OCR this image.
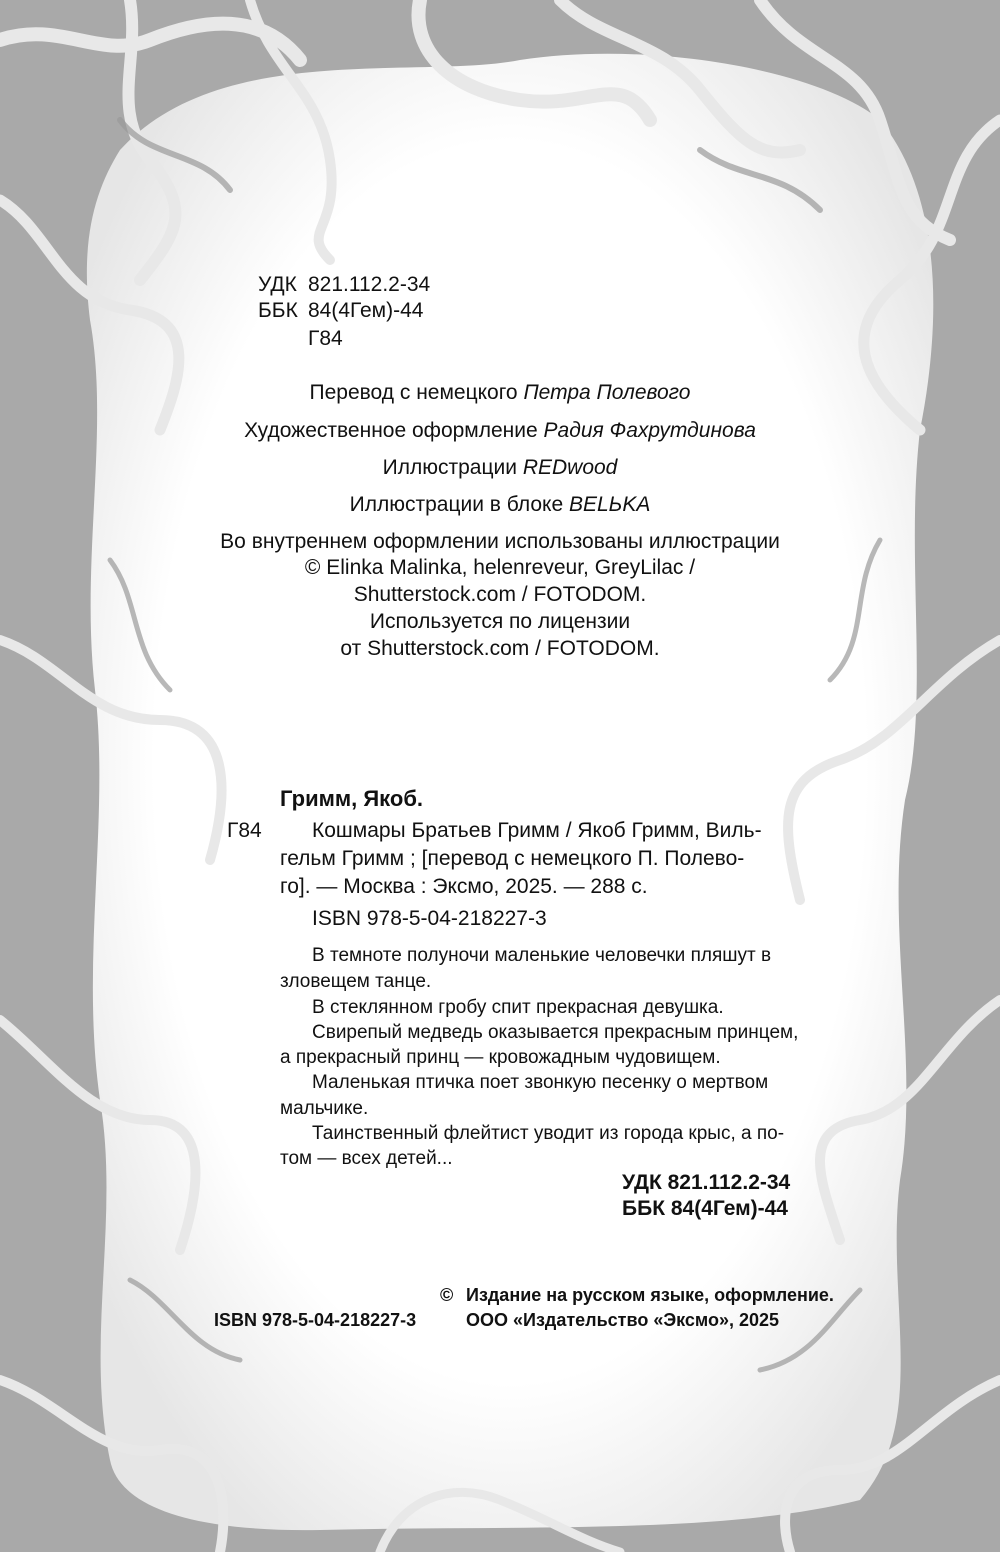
УДК 821.112.2-34
ББК 84(4Гем)-44
Г84
Перевод с немецкого Петра Полевого
Художественное оформление Радия Фахрутдинова
Иллюстрации REDwood
Иллюстрации в блоке BELЬKA
Во внутреннем оформлении использованы иллюстрации
© Elinka Malinka, helenreveur, GreyLilac /
Shutterstock.com / FOTODOM.
Используется по лицензии
от Shutterstock.com / FOTODOM.
Гримм, Якоб.
Г84 Кошмары Братьев Гримм / Якоб Гримм, Виль-
гельм Гримм ; [перевод с немецкого П. Полево-
го]. — Москва : Эксмо, 2025. — 288 с.
ISBN 978-5-04-218227-3
В темноте полуночи маленькие человечки пляшут в
зловещем танце.
В стеклянном гробу спит прекрасная девушка.
Свирепый медведь оказывается прекрасным принцем,
а прекрасный принц — кровожадным чудовищем.
Маленькая птичка поет звонкую песенку о мертвом
мальчике.
Таинственный флейтист уводит из города крыс, а по-
том — всех детей...
УДК 821.112.2-34
ББК 84(4Гем)-44
© Издание на русском языке, оформление.
ISBN 978-5-04-218227-3	ООО «Издательство «Эксмо», 2025
